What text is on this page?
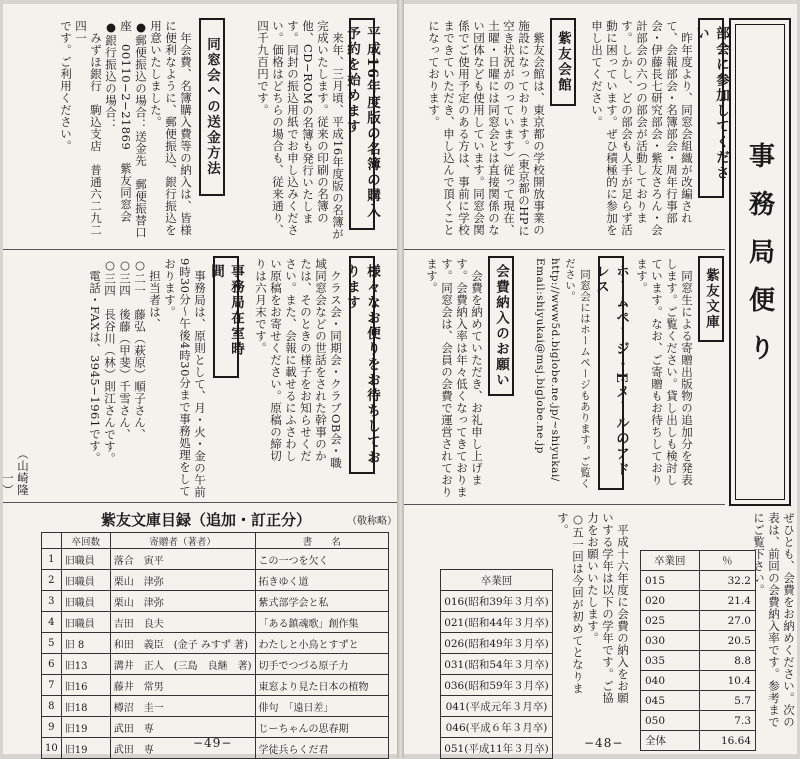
平成16年度版の名簿の購入予約を始めます

来年、三月頃、平成16年度版の名簿が完成いたします。従来の印刷の名簿の他、CD−ROMの名簿も発行いたします。同封の振込用紙でお申し込みください。価格はどちらの場合も、従来通り、四千九百円です。

同窓会への送金方法

年会費、名簿購入費等の納入は、皆様に便利なように、郵便振込、銀行振込を用意いたしました。

●郵便振込の場合：送金先　郵便振替口座　00110−2−21869　紫友同窓会

●銀行振込の場合：

みずほ銀行　駒込支店　普通六二九二四一

です。ご利用ください。

様々なお便りをお待ちしております

クラス会・同期会・クラブOB会・職域同窓会などの世話をされた幹事のかたは、そのときの様子をお知らせください。また、会報に載せるにふさわしい原稿をお寄せください。原稿の締切りは六月末です。

事務局在室時間

事務局は、原則として、月・火・金の午前9時30分〜午後4時30分まで事務処理をしております。

担当者は、

○二一　藤弘（萩原）順子さん、

○三四　後藤（甲斐）千雪さん、

○三四　長谷川（林）則江さんです。

電話・FAXは、3945−1961です。

（山崎隆一）
紫友文庫目録（追加・訂正分）	（敬称略）
	卒回数	寄贈者（著者）	書　　名
1	旧職員	落合　寅平	この一つを欠く
2	旧職員	栗山　津弥	拓きゆく道
3	旧職員	栗山　津弥	紫式部学会と私
4	旧職員	吉田　良夫	「ある鎮魂歌」創作集
5	旧 8	和田　義臣　(金子 みすず 著)	わたしと小鳥とすずと
6	旧13	溝井　正人　(三島　良継　著)	切手でつづる原子力
7	旧16	藤井　常男	東窓より見た日本の植物
8	旧18	樽沼　圭一	俳句　「遠日差」
9	旧19	武田　専	じーちゃんの思春期
10	旧19	武田　専	学徒兵らくだ君
−49−
事務局便り
部会に参加してください

昨年度より、同窓会組織が改編されて、会報部会・名簿部会・周年行事部会・伊藤長七研究部会・紫友さろん・会計部会の六つの部会が活動しております。しかし、どの部会も人手が足らず活動に困っています。ぜひ積極的に参加を申し出てください。

紫友会館

紫友会館は、東京都の学校開放事業の施設になっております。（東京都のHPに空き状況がのっています）従って現在、土曜・日曜には同窓会とは直接関係のない団体なども使用しています。同窓会関係でご使用予定のある方は、事前に学校まできていただき、申し込んで頂くことになっております。

紫友文庫

同窓生による寄贈出版物の追加分を発表します。ご覧ください。貸し出しも検討しています。なお、ご寄贈もお待ちしております。

ホームページ・Eメールのアドレス

同窓会にはホームページもあります。ご覧ください。

http://www5d.biglobe.ne.jp/~shiyukai/

Email:shiyukai@msj.biglobe.ne.jp

会費納入のお願い

会費を納めていただき、お礼申し上げます。会費納入率は年々低くなってきております。同窓会は、会員の会費で運営されております。

ぜひとも、会費をお納めください。次の表は、前回の会費納入率です。参考までにご覧下さい。

卒業回	％
015	32.2
020	21.4
025	27.0
030	20.5
035	8.8
040	10.4
045	5.7
050	7.3
全体	16.64

平成十六年度に会費の納入をお願いする学年は以下の学年です。ご協力をお願いいたします。

○五一回は今回が初めてとなります。

卒業回
016(昭和39年３月卒)
021(昭和44年３月卒)
026(昭和49年３月卒)
031(昭和54年３月卒)
036(昭和59年３月卒)
041(平成元年３月卒)
046(平成６年３月卒)
051(平成11年３月卒)	−48−
